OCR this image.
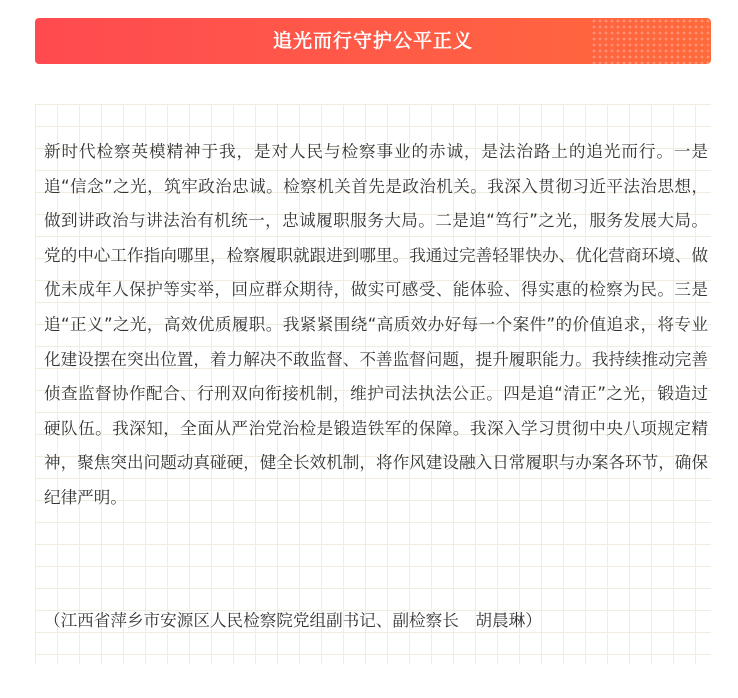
追光而行守护公平正义

新时代检察英模精神于我，是对人民与检察事业的赤诚，是法治路上的追光而行。一是追“信念”之光，筑牢政治忠诚。检察机关首先是政治机关。我深入贯彻习近平法治思想，做到讲政治与讲法治有机统一，忠诚履职服务大局。二是追“笃行”之光，服务发展大局。党的中心工作指向哪里，检察履职就跟进到哪里。我通过完善轻罪快办、优化营商环境、做优未成年人保护等实举，回应群众期待，做实可感受、能体验、得实惠的检察为民。三是追“正义”之光，高效优质履职。我紧紧围绕“高质效办好每一个案件”的价值追求，将专业化建设摆在突出位置，着力解决不敢监督、不善监督问题，提升履职能力。我持续推动完善侦查监督协作配合、行刑双向衔接机制，维护司法执法公正。四是追“清正”之光，锻造过硬队伍。我深知，全面从严治党治检是锻造铁军的保障。我深入学习贯彻中央八项规定精神，聚焦突出问题动真碰硬，健全长效机制，将作风建设融入日常履职与办案各环节，确保纪律严明。

（江西省萍乡市安源区人民检察院党组副书记、副检察长　胡晨琳）
